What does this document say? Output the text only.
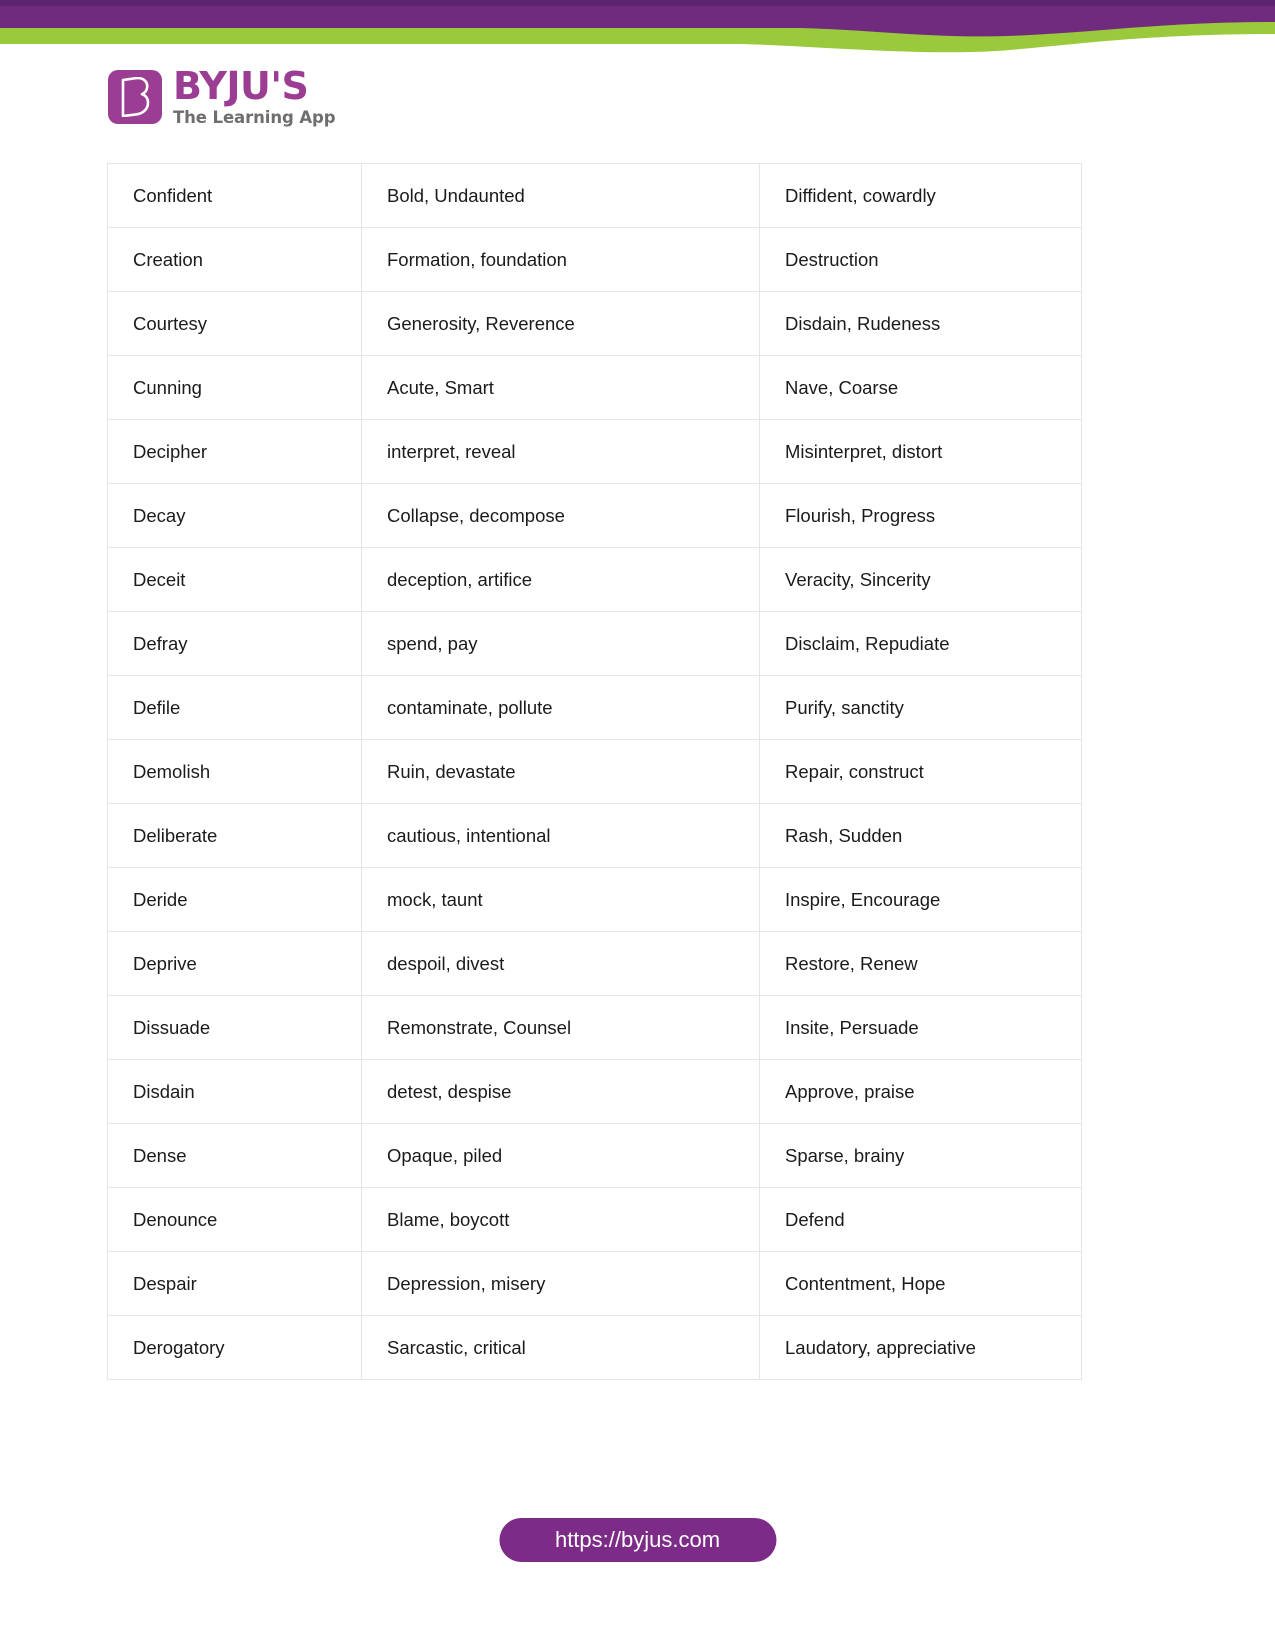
BYJU'S
The Learning App
Confident	Bold, Undaunted	Diffident, cowardly
Creation	Formation, foundation	Destruction
Courtesy	Generosity, Reverence	Disdain, Rudeness
Cunning	Acute, Smart	Nave, Coarse
Decipher	interpret, reveal	Misinterpret, distort
Decay	Collapse, decompose	Flourish, Progress
Deceit	deception, artifice	Veracity, Sincerity
Defray	spend, pay	Disclaim, Repudiate
Defile	contaminate, pollute	Purify, sanctity
Demolish	Ruin, devastate	Repair, construct
Deliberate	cautious, intentional	Rash, Sudden
Deride	mock, taunt	Inspire, Encourage
Deprive	despoil, divest	Restore, Renew
Dissuade	Remonstrate, Counsel	Insite, Persuade
Disdain	detest, despise	Approve, praise
Dense	Opaque, piled	Sparse, brainy
Denounce	Blame, boycott	Defend
Despair	Depression, misery	Contentment, Hope
Derogatory	Sarcastic, critical	Laudatory, appreciative
https://byjus.com
